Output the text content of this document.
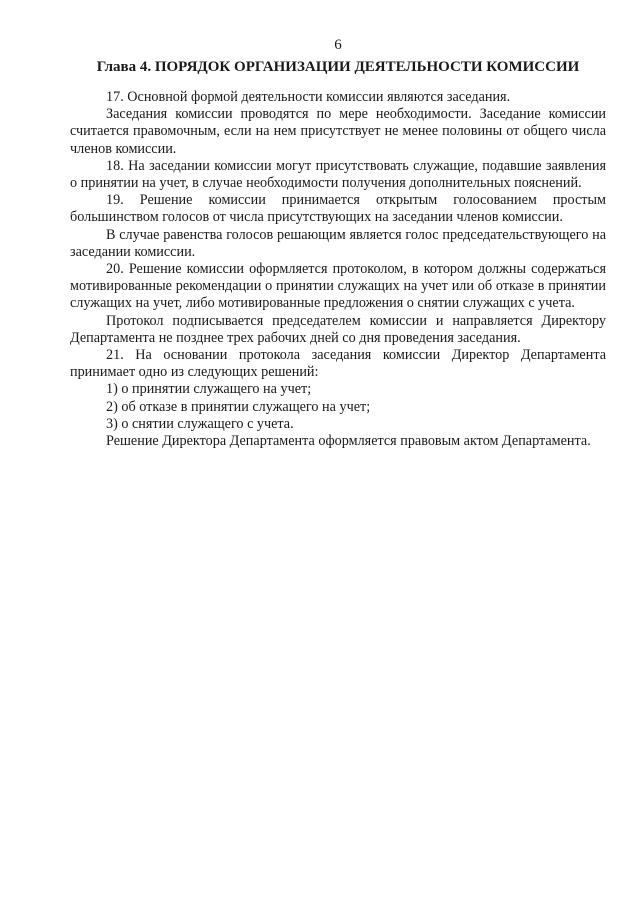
6
Глава 4. ПОРЯДОК ОРГАНИЗАЦИИ ДЕЯТЕЛЬНОСТИ КОМИССИИ

17. Основной формой деятельности комиссии являются заседания.

Заседания комиссии проводятся по мере необходимости. Заседание комиссии считается правомочным, если на нем присутствует не менее половины от общего числа членов комиссии.

18. На заседании комиссии могут присутствовать служащие, подавшие заявления о принятии на учет, в случае необходимости получения дополнительных пояснений.

19. Решение комиссии принимается открытым голосованием простым большинством голосов от числа присутствующих на заседании членов комиссии.

В случае равенства голосов решающим является голос председательствующего на заседании комиссии.

20. Решение комиссии оформляется протоколом, в котором должны содержаться мотивированные рекомендации о принятии служащих на учет или об отказе в принятии служащих на учет, либо мотивированные предложения о снятии служащих с учета.

Протокол подписывается председателем комиссии и направляется Директору Департамента не позднее трех рабочих дней со дня проведения заседания.

21. На основании протокола заседания комиссии Директор Департамента принимает одно из следующих решений:

1) о принятии служащего на учет;

2) об отказе в принятии служащего на учет;

3) о снятии служащего с учета.

Решение Директора Департамента оформляется правовым актом Департамента.
